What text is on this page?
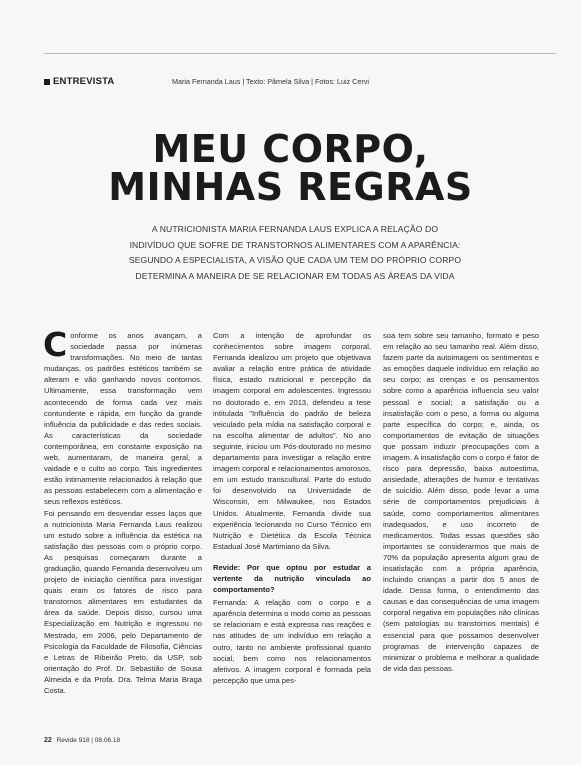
ENTREVISTA	Maria Fernanda Laus | Texto: Pâmela Silva | Fotos: Luiz Cervi
MEU CORPO,
MINHAS REGRAS
A NUTRICIONISTA MARIA FERNANDA LAUS EXPLICA A RELAÇÃO DO
INDIVÍDUO QUE SOFRE DE TRANSTORNOS ALIMENTARES COM A APARÊNCIA:
SEGUNDO A ESPECIALISTA, A VISÃO QUE CADA UM TEM DO PRÓPRIO CORPO
DETERMINA A MANEIRA DE SE RELACIONAR EM TODAS AS ÁREAS DA VIDA

Conforme os anos avançam, a sociedade passa por inúmeras transformações. No meio de tantas mudanças, os padrões estéticos também se alteram e vão ganhando novos contornos. Ultimamente, essa transformação vem acontecendo de forma cada vez mais contundente e rápida, em função da grande influência da publicidade e das redes sociais. As características da sociedade contemporânea, em constante exposição na web, aumentaram, de maneira geral, a vaidade e o culto ao corpo. Tais ingredientes estão intimamente relacionados à relação que as pessoas estabelecem com a alimentação e seus reflexos estéticos.

Foi pensando em desvendar esses laços que a nutricionista Maria Fernanda Laus realizou um estudo sobre a influência da estética na satisfação das pessoas com o próprio corpo. As pesquisas começaram durante a graduação, quando Fernanda desenvolveu um projeto de iniciação científica para investigar quais eram os fatores de risco para transtornos alimentares em estudantes da área da saúde. Depois disso, cursou uma Especialização em Nutrição e ingressou no Mestrado, em 2006, pelo Departamento de Psicologia da Faculdade de Filosofia, Ciências e Letras de Ribeirão Preto, da USP, sob orientação do Prof. Dr. Sebastião de Sousa Almeida e da Profa. Dra. Telma Maria Braga Costa.

Com a intenção de aprofundar os conhecimentos sobre imagem corporal, Fernanda idealizou um projeto que objetivava avaliar a relação entre prática de atividade física, estado nutricional e percepção da imagem corporal em adolescentes. Ingressou no doutorado e, em 2013, defendeu a tese intitulada "Influência do padrão de beleza veiculado pela mídia na satisfação corporal e na escolha alimentar de adultos". No ano seguinte, iniciou um Pós-doutorado no mesmo departamento para investigar a relação entre imagem corporal e relacionamentos amorosos, em um estudo transcultural. Parte do estudo foi desenvolvido na Universidade de Wisconsin, em Milwaukee, nos Estados Unidos. Atualmente, Fernanda divide sua experiência lecionando no Curso Técnico em Nutrição e Dietética da Escola Técnica Estadual José Martimiano da Silva.

Revide: Por que optou por estudar a vertente da nutrição vinculada ao comportamento?

Fernanda: A relação com o corpo e a aparência determina o modo como as pessoas se relacionam e está expressa nas reações e nas atitudes de um indivíduo em relação a outro, tanto no ambiente profissional quanto social, bem como nos relacionamentos afetivos. A imagem corporal é formada pela percepção que uma pes-

soa tem sobre seu tamanho, formato e peso em relação ao seu tamanho real. Além disso, fazem parte da autoimagem os sentimentos e as emoções daquele indivíduo em relação ao seu corpo; as crenças e os pensamentos sobre como a aparência influencia seu valor pessoal e social; a satisfação ou a insatisfação com o peso, a forma ou alguma parte específica do corpo; e, ainda, os comportamentos de evitação de situações que possam induzir preocupações com a imagem. A insatisfação com o corpo é fator de risco para depressão, baixa autoestima, ansiedade, alterações de humor e tentativas de suicídio. Além disso, pode levar a uma série de comportamentos prejudiciais à saúde, como comportamentos alimentares inadequados, e uso incorreto de medicamentos. Todas essas questões são importantes se considerarmos que mais de 70% da população apresenta algum grau de insatisfação com a própria aparência, incluindo crianças a partir dos 5 anos de idade. Dessa forma, o entendimento das causas e das consequências de uma imagem corporal negativa em populações não clínicas (sem patologias ou transtornos mentais) é essencial para que possamos desenvolver programas de intervenção capazes de minimizar o problema e melhorar a qualidade de vida das pessoas.

22 Revide 918 | 08.06.18
